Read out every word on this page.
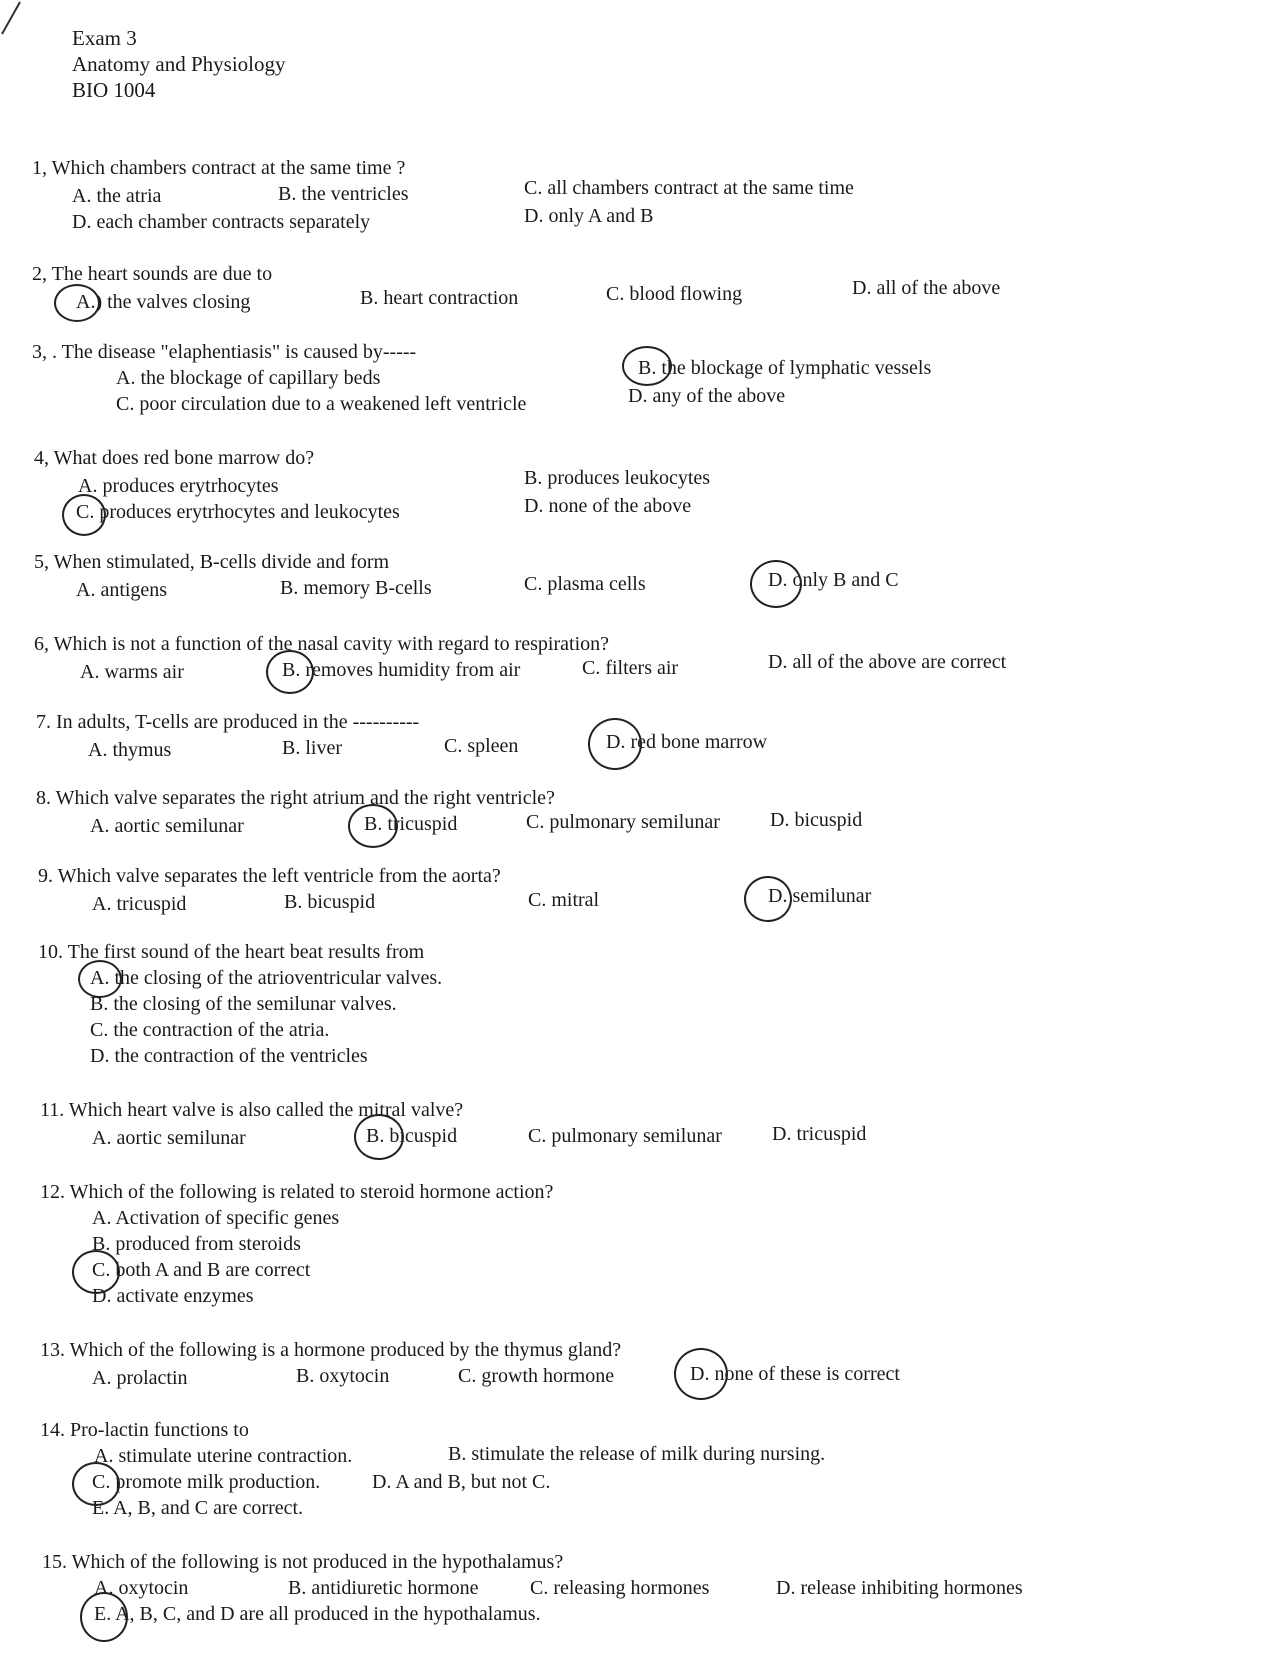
Exam 3
Anatomy and Physiology
BIO 1004
1, Which chambers contract at the same time ?
A. the atria	B. the ventricles	C. all chambers contract at the same time
D. each chamber contracts separately	D. only A and B
2, The heart sounds are due to
A.) the valves closing	B. heart contraction	C. blood flowing	D. all of the above
3, . The disease "elaphentiasis" is caused by-----
A. the blockage of capillary beds	B. the blockage of lymphatic vessels
C. poor circulation due to a weakened left ventricle	D. any of the above
4, What does red bone marrow do?
A. produces erytrhocytes	B. produces leukocytes
C. produces erytrhocytes and leukocytes	D. none of the above
5, When stimulated, B-cells divide and form
A. antigens	B. memory B-cells	C. plasma cells	D. only B and C
6, Which is not a function of the nasal cavity with regard to respiration?
A. warms air	B. removes humidity from air	C. filters air	D. all of the above are correct
7. In adults, T-cells are produced in the ----------
A. thymus	B. liver	C. spleen	D. red bone marrow
8. Which valve separates the right atrium and the right ventricle?
A. aortic semilunar	B. tricuspid	C. pulmonary semilunar	D. bicuspid
9. Which valve separates the left ventricle from the aorta?
A. tricuspid	B. bicuspid	C. mitral	D. semilunar
10. The first sound of the heart beat results from
A. the closing of the atrioventricular valves.
B. the closing of the semilunar valves.
C. the contraction of the atria.
D. the contraction of the ventricles
11. Which heart valve is also called the mitral valve?
A. aortic semilunar	B. bicuspid	C. pulmonary semilunar	D. tricuspid
12. Which of the following is related to steroid hormone action?
A. Activation of specific genes
B. produced from steroids
C. both A and B are correct
D. activate enzymes
13. Which of the following is a hormone produced by the thymus gland?
A. prolactin	B. oxytocin	C. growth hormone	D. none of these is correct
14. Pro-lactin functions to
A. stimulate uterine contraction.	B. stimulate the release of milk during nursing.
C. promote milk production.	D. A and B, but not C.
E. A, B, and C are correct.
15. Which of the following is not produced in the hypothalamus?
A. oxytocin	B. antidiuretic hormone	C. releasing hormones	D. release inhibiting hormones
E. A, B, C, and D are all produced in the hypothalamus.
